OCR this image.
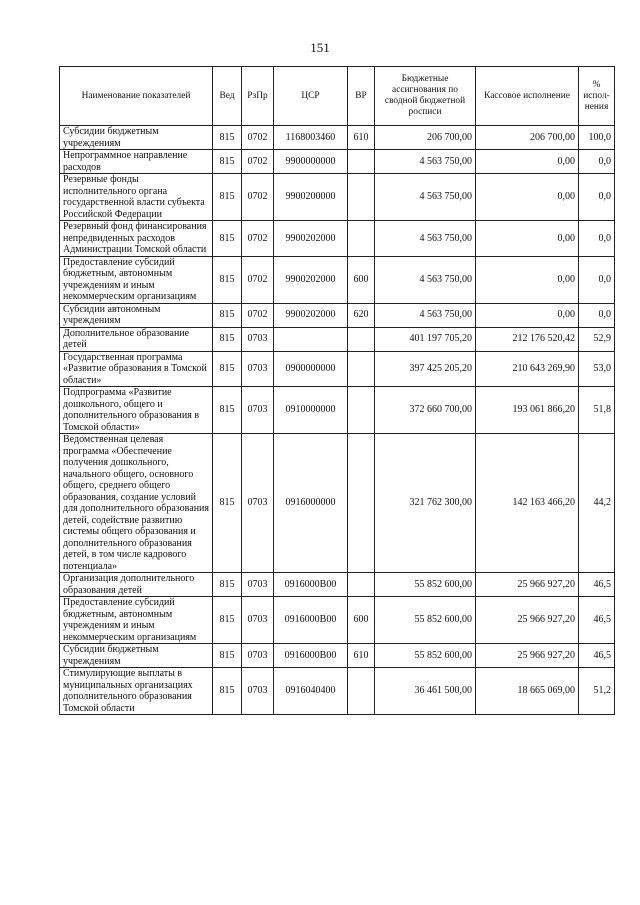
151
Наименование показателей	Вед	РзПр	ЦСР	ВР	Бюджетные ассигнования по сводной бюджетной росписи	Кассовое исполнение	% испол-нения
Субсидии бюджетным учреждениям	815	0702	1168003460	610	206 700,00	206 700,00	100,0
Непрограммное направление расходов	815	0702	9900000000		4 563 750,00	0,00	0,0
Резервные фонды исполнительного органа государственной власти субъекта Российской Федерации	815	0702	9900200000		4 563 750,00	0,00	0,0
Резервный фонд финансирования непредвиденных расходов Администрации Томской области	815	0702	9900202000		4 563 750,00	0,00	0,0
Предоставление субсидий бюджетным, автономным учреждениям и иным некоммерческим организациям	815	0702	9900202000	600	4 563 750,00	0,00	0,0
Субсидии автономным учреждениям	815	0702	9900202000	620	4 563 750,00	0,00	0,0
Дополнительное образование детей	815	0703			401 197 705,20	212 176 520,42	52,9
Государственная программа «Развитие образования в Томской области»	815	0703	0900000000		397 425 205,20	210 643 269,90	53,0
Подпрограмма «Развитие дошкольного, общего и дополнительного образования в Томской области»	815	0703	0910000000		372 660 700,00	193 061 866,20	51,8
Ведомственная целевая программа «Обеспечение получения дошкольного, начального общего, основного общего, среднего общего образования, создание условий для дополнительного образования детей, содействие развитию системы общего образования и дополнительного образования детей, в том числе кадрового потенциала»	815	0703	0916000000		321 762 300,00	142 163 466,20	44,2
Организация дополнительного образования детей	815	0703	0916000В00		55 852 600,00	25 966 927,20	46,5
Предоставление субсидий бюджетным, автономным учреждениям и иным некоммерческим организациям	815	0703	0916000В00	600	55 852 600,00	25 966 927,20	46,5
Субсидии бюджетным учреждениям	815	0703	0916000В00	610	55 852 600,00	25 966 927,20	46,5
Стимулирующие выплаты в муниципальных организациях дополнительного образования Томской области	815	0703	0916040400		36 461 500,00	18 665 069,00	51,2
